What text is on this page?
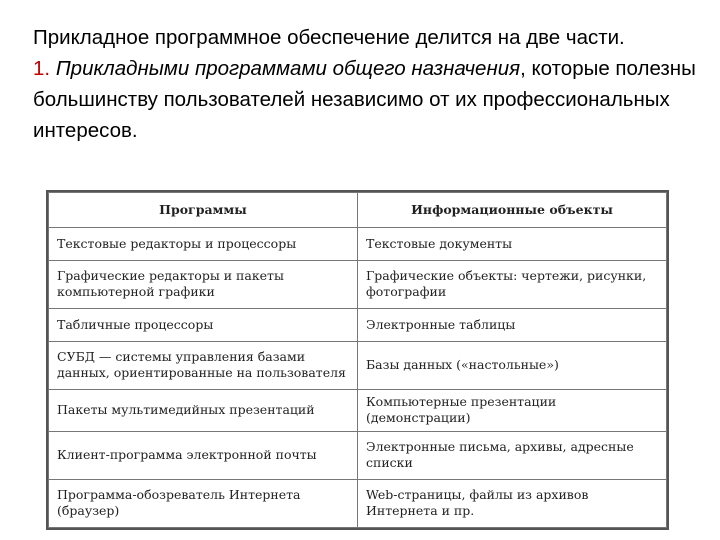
Прикладное программное обеспечение делится на две части.

1. Прикладными программами общего назначения, которые полезны большинству пользователей независимо от их профессиональных интересов.

Программы	Информационные объекты
Текстовые редакторы и процессоры	Текстовые документы
Графические редакторы и пакеты компьютерной графики	Графические объекты: чертежи, рисунки, фотографии
Табличные процессоры	Электронные таблицы
СУБД — системы управления базами данных, ориентированные на пользователя	Базы данных («настольные»)
Пакеты мультимедийных презентаций	Компьютерные презентации (демонстрации)
Клиент-программа электронной почты	Электронные письма, архивы, адресные списки
Программа-обозреватель Интернета (браузер)	Web-страницы, файлы из архивов Интернета и пр.
